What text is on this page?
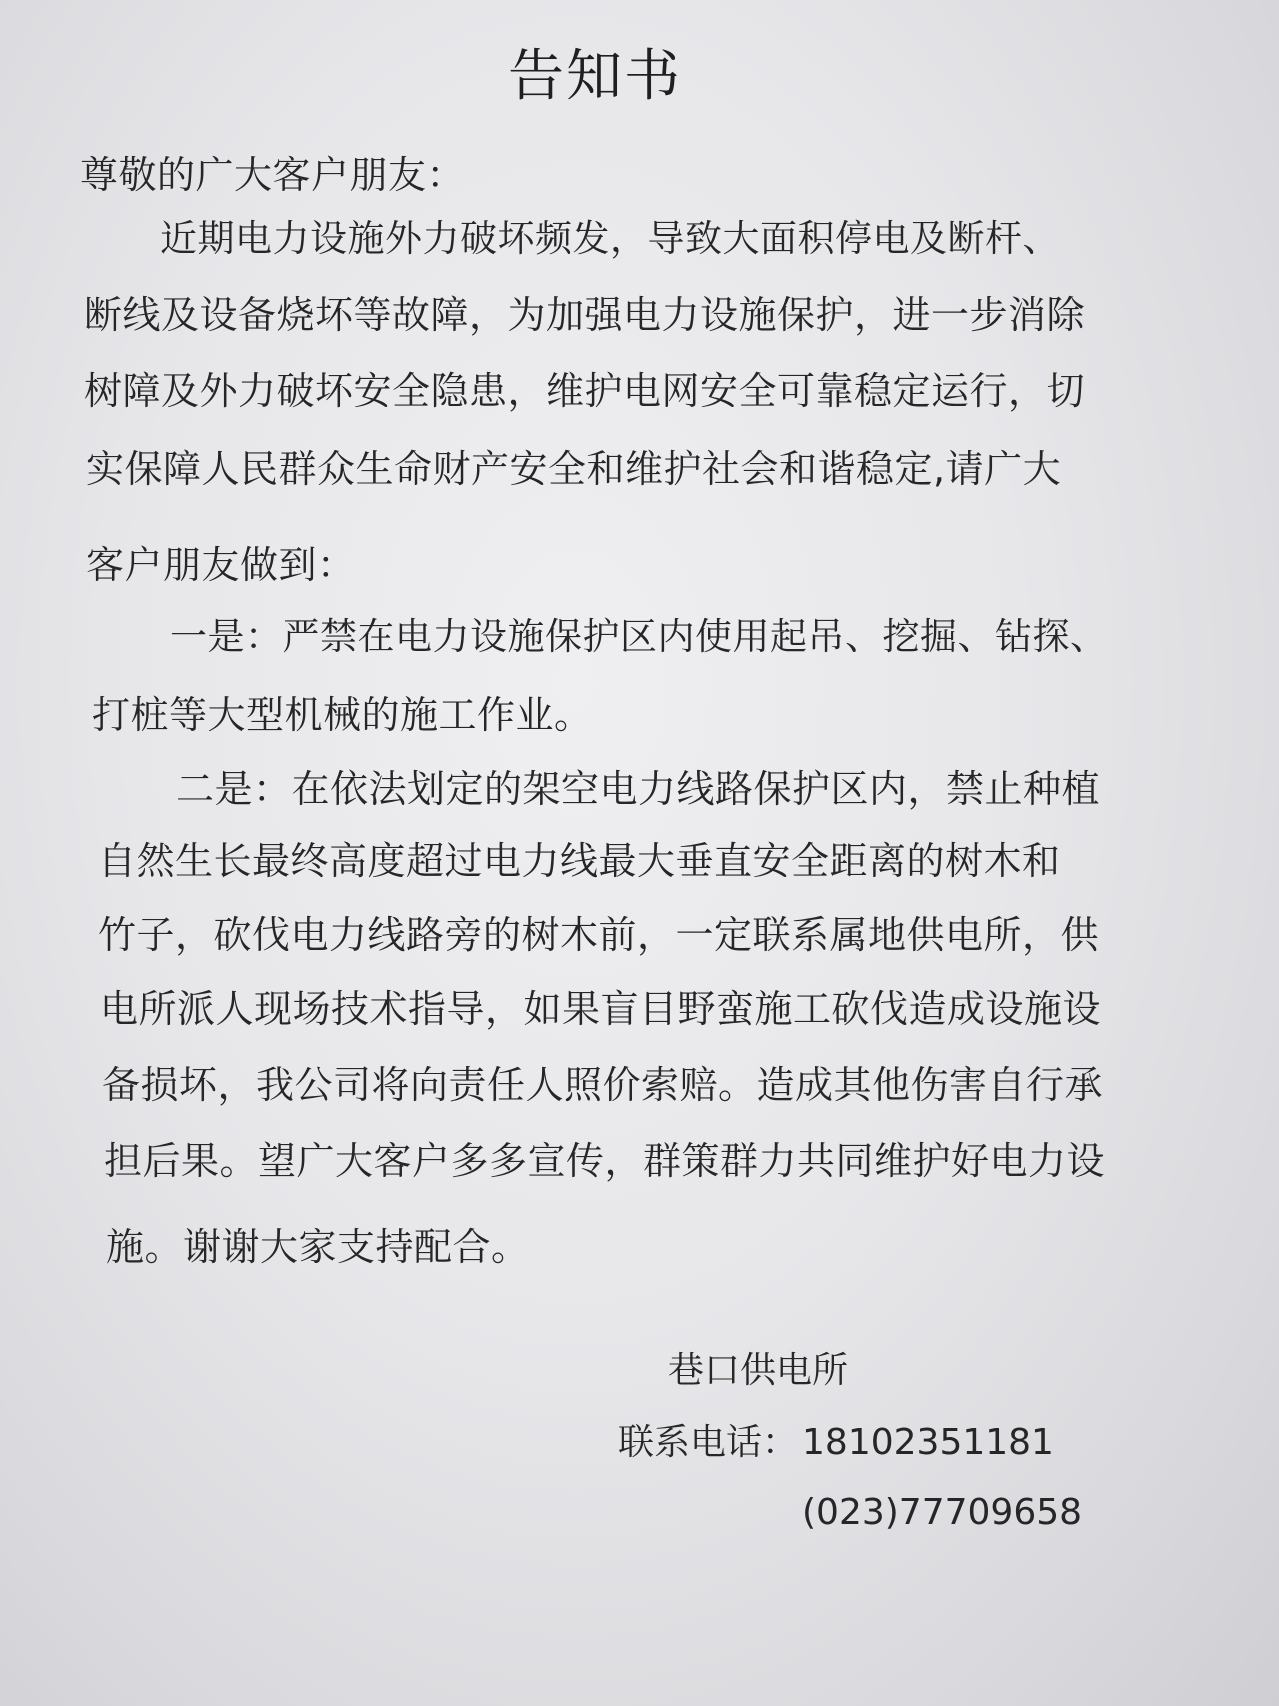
告知书
尊敬的广大客户朋友：
近期电力设施外力破坏频发，导致大面积停电及断杆、
断线及设备烧坏等故障，为加强电力设施保护，进一步消除
树障及外力破坏安全隐患，维护电网安全可靠稳定运行，切
实保障人民群众生命财产安全和维护社会和谐稳定,请广大
客户朋友做到：
一是：严禁在电力设施保护区内使用起吊、挖掘、钻探、
打桩等大型机械的施工作业。
二是：在依法划定的架空电力线路保护区内，禁止种植
自然生长最终高度超过电力线最大垂直安全距离的树木和
竹子，砍伐电力线路旁的树木前，一定联系属地供电所，供
电所派人现场技术指导，如果盲目野蛮施工砍伐造成设施设
备损坏，我公司将向责任人照价索赔。造成其他伤害自行承
担后果。望广大客户多多宣传，群策群力共同维护好电力设
施。谢谢大家支持配合。
巷口供电所
联系电话： 18102351181
(023)77709658
